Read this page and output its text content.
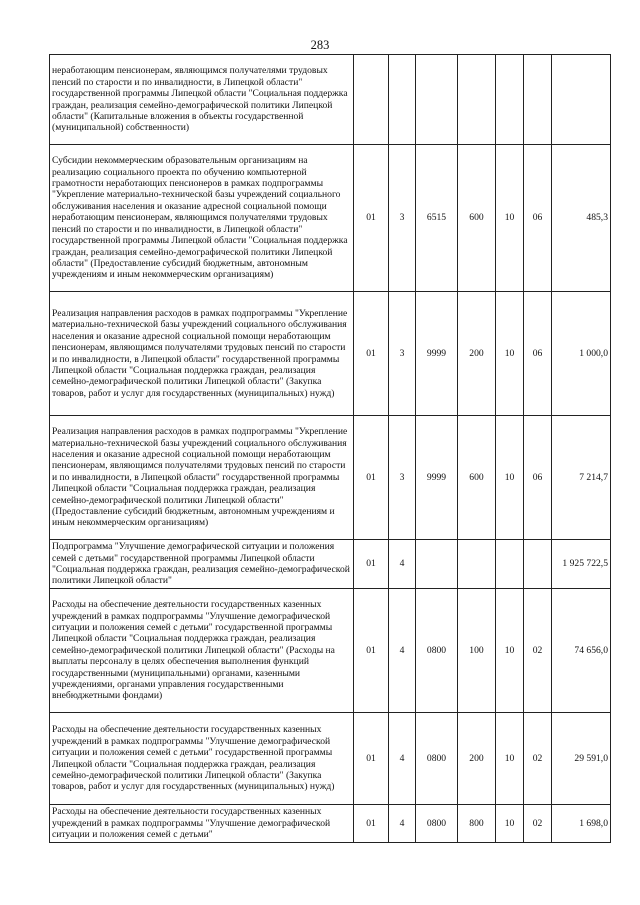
283
неработающим пенсионерам, являющимся получателями трудовых пенсий по старости и по инвалидности, в Липецкой области" государственной программы Липецкой области "Социальная поддержка граждан, реализация семейно-демографической политики Липецкой области" (Капитальные вложения в объекты государственной (муниципальной) собственности)							
Субсидии некоммерческим образовательным организациям на реализацию социального проекта по обучению компьютерной грамотности неработающих пенсионеров в рамках подпрограммы "Укрепление материально-технической базы учреждений социального обслуживания населения и оказание адресной социальной помощи неработающим пенсионерам, являющимся получателями трудовых пенсий по старости и по инвалидности, в Липецкой области" государственной программы Липецкой области "Социальная поддержка граждан, реализация семейно-демографической политики Липецкой области" (Предоставление субсидий бюджетным, автономным учреждениям и иным некоммерческим организациям)	01	3	6515	600	10	06	485,3
Реализация направления расходов в рамках подпрограммы "Укрепление материально-технической базы учреждений социального обслуживания населения и оказание адресной социальной помощи неработающим пенсионерам, являющимся получателями трудовых пенсий по старости и по инвалидности, в Липецкой области" государственной программы Липецкой области "Социальная поддержка граждан, реализация семейно-демографической политики Липецкой области" (Закупка товаров, работ и услуг для государственных (муниципальных) нужд)	01	3	9999	200	10	06	1 000,0
Реализация направления расходов в рамках подпрограммы "Укрепление материально-технической базы учреждений социального обслуживания населения и оказание адресной социальной помощи неработающим пенсионерам, являющимся получателями трудовых пенсий по старости и по инвалидности, в Липецкой области" государственной программы Липецкой области "Социальная поддержка граждан, реализация семейно-демографической политики Липецкой области" (Предоставление субсидий бюджетным, автономным учреждениям и иным некоммерческим организациям)	01	3	9999	600	10	06	7 214,7
Подпрограмма "Улучшение демографической ситуации и положения семей с детьми" государственной программы Липецкой области "Социальная поддержка граждан, реализация семейно-демографической политики Липецкой области"	01	4					1 925 722,5
Расходы на обеспечение деятельности государственных казенных учреждений в рамках подпрограммы "Улучшение демографической ситуации и положения семей с детьми" государственной программы Липецкой области "Социальная поддержка граждан, реализация семейно-демографической политики Липецкой области" (Расходы на выплаты персоналу в целях обеспечения выполнения функций государственными (муниципальными) органами, казенными учреждениями, органами управления государственными внебюджетными фондами)	01	4	0800	100	10	02	74 656,0
Расходы на обеспечение деятельности государственных казенных учреждений в рамках подпрограммы "Улучшение демографической ситуации и положения семей с детьми" государственной программы Липецкой области "Социальная поддержка граждан, реализация семейно-демографической политики Липецкой области" (Закупка товаров, работ и услуг для государственных (муниципальных) нужд)	01	4	0800	200	10	02	29 591,0
Расходы на обеспечение деятельности государственных казенных учреждений в рамках подпрограммы "Улучшение демографической ситуации и положения семей с детьми"	01	4	0800	800	10	02	1 698,0
